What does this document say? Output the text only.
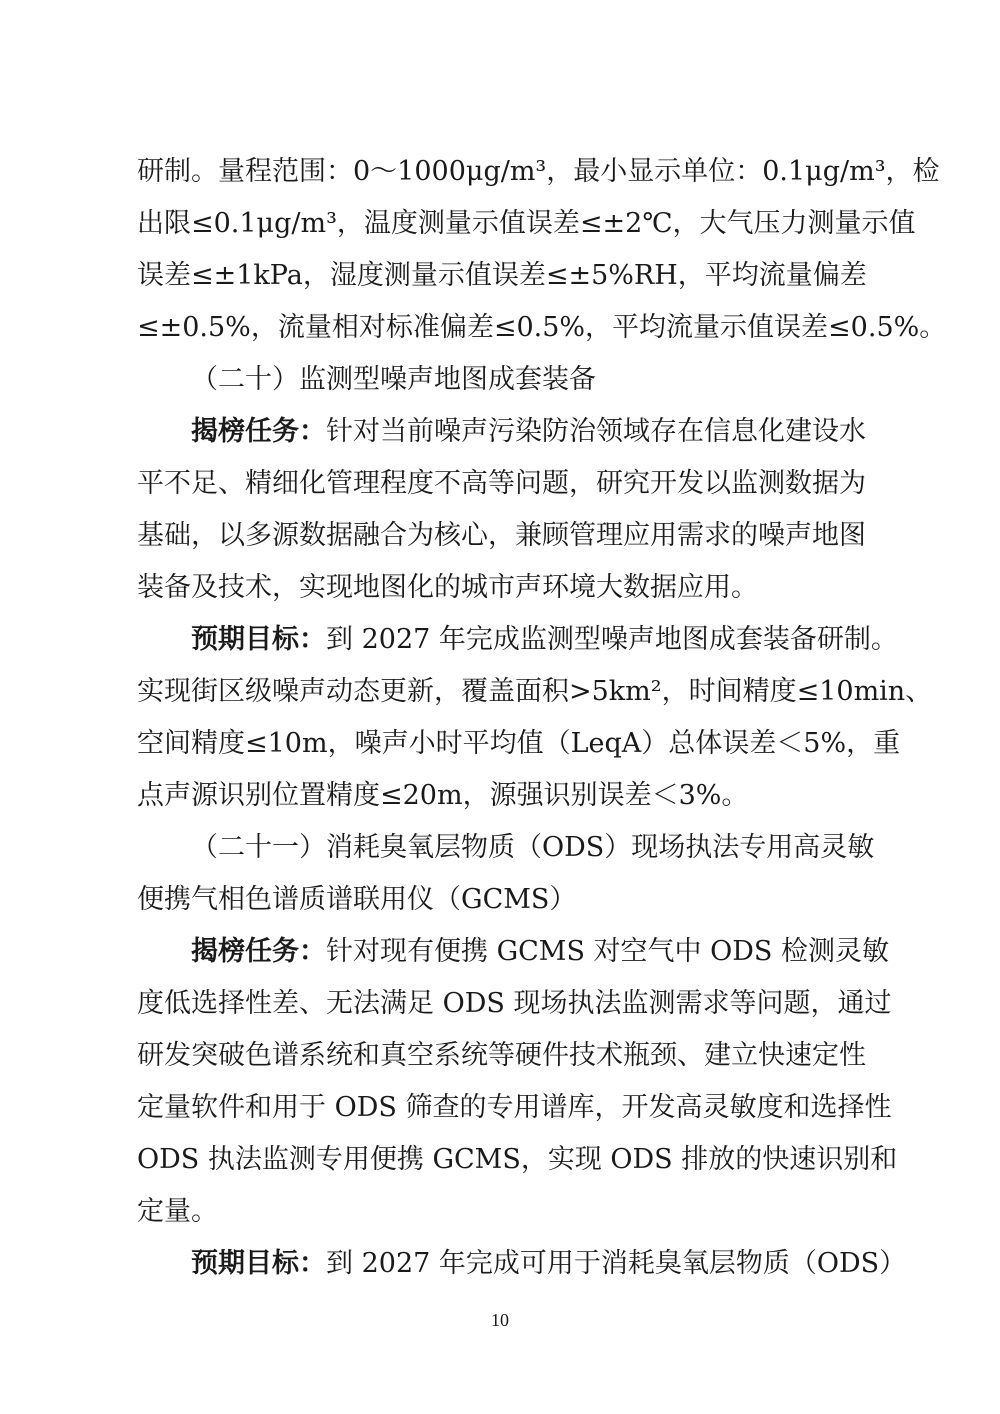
研制。量程范围：0～1000μg/m³，最小显示单位：0.1μg/m³，检
出限≤0.1μg/m³，温度测量示值误差≤±2℃，大气压力测量示值
误差≤±1kPa，湿度测量示值误差≤±5%RH，平均流量偏差
≤±0.5%，流量相对标准偏差≤0.5%，平均流量示值误差≤0.5%。
（二十）监测型噪声地图成套装备
揭榜任务：针对当前噪声污染防治领域存在信息化建设水
平不足、精细化管理程度不高等问题，研究开发以监测数据为
基础，以多源数据融合为核心，兼顾管理应用需求的噪声地图
装备及技术，实现地图化的城市声环境大数据应用。
预期目标：到 2027 年完成监测型噪声地图成套装备研制。
实现街区级噪声动态更新，覆盖面积>5km²，时间精度≤10min、
空间精度≤10m，噪声小时平均值（LeqA）总体误差＜5%，重
点声源识别位置精度≤20m，源强识别误差＜3%。
（二十一）消耗臭氧层物质（ODS）现场执法专用高灵敏
便携气相色谱质谱联用仪（GCMS）
揭榜任务：针对现有便携 GCMS 对空气中 ODS 检测灵敏
度低选择性差、无法满足 ODS 现场执法监测需求等问题，通过
研发突破色谱系统和真空系统等硬件技术瓶颈、建立快速定性
定量软件和用于 ODS 筛查的专用谱库，开发高灵敏度和选择性
ODS 执法监测专用便携 GCMS，实现 ODS 排放的快速识别和
定量。
预期目标：到 2027 年完成可用于消耗臭氧层物质（ODS）
10
